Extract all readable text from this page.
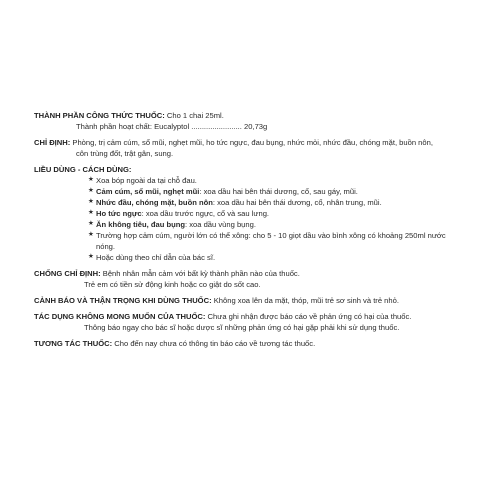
THÀNH PHẦN CÔNG THỨC THUỐC: Cho 1 chai 25ml.
Thành phần hoạt chất: Eucalyptol ........................ 20,73g
CHỈ ĐỊNH: Phòng, trị cảm cúm, sổ mũi, nghẹt mũi, ho tức ngực, đau bụng, nhức mỏi, nhức đầu, chóng mặt, buồn nôn,
côn trùng đốt, trật gân, sung.
LIỀU DÙNG - CÁCH DÙNG:
★ Xoa bóp ngoài da tại chỗ đau.
★ Cảm cúm, sổ mũi, nghẹt mũi: xoa dầu hai bên thái dương, cổ, sau gáy, mũi.
★ Nhức đầu, chóng mặt, buồn nôn: xoa dầu hai bên thái dương, cổ, nhân trung, mũi.
★ Ho tức ngực: xoa dầu trước ngực, cổ và sau lưng.
★ Ăn không tiêu, đau bụng: xoa dầu vùng bụng.
★ Trường hợp cảm cúm, người lớn có thể xông: cho 5 - 10 giọt dầu vào bình xông có khoảng 250ml nước nóng.
★ Hoặc dùng theo chỉ dẫn của bác sĩ.
CHỐNG CHỈ ĐỊNH: Bệnh nhân mẫn cảm với bất kỳ thành phần nào của thuốc.
Trẻ em có tiền sử động kinh hoặc co giật do sốt cao.
CẢNH BÁO VÀ THẬN TRỌNG KHI DÙNG THUỐC: Không xoa lên da mặt, thóp, mũi trẻ sơ sinh và trẻ nhỏ.
TÁC DỤNG KHÔNG MONG MUỐN CỦA THUỐC: Chưa ghi nhận được báo cáo về phản ứng có hại của thuốc.
Thông báo ngay cho bác sĩ hoặc dược sĩ những phản ứng có hại gặp phải khi sử dụng thuốc.
TƯƠNG TÁC THUỐC: Cho đến nay chưa có thông tin báo cáo về tương tác thuốc.
